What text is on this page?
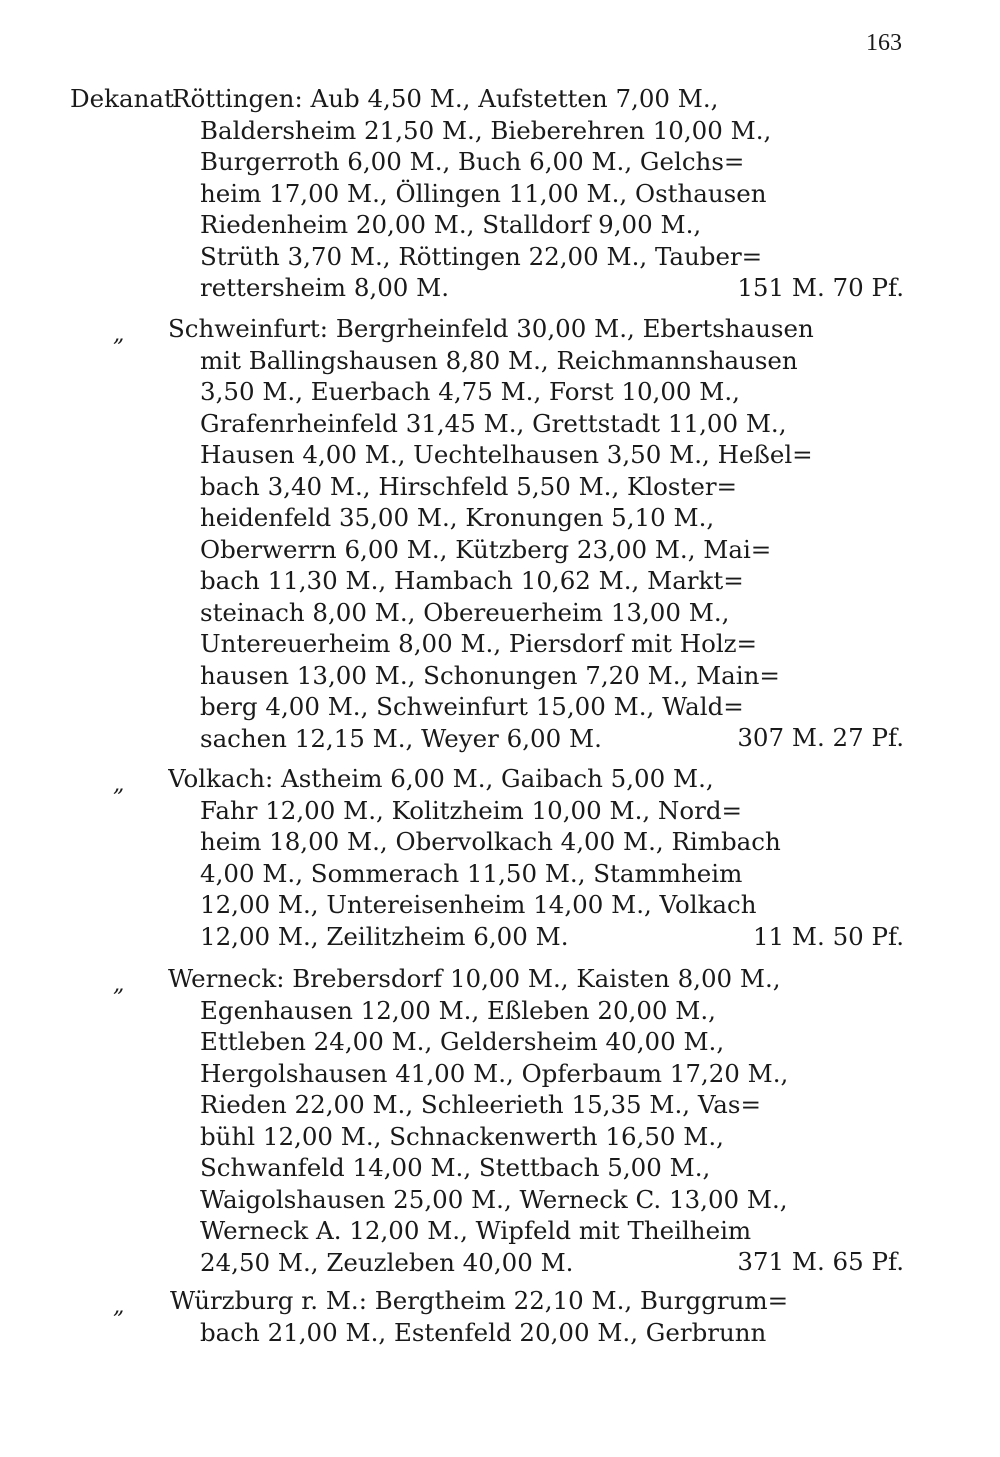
163
Dekanat
Röttingen: Aub 4,50 M., Aufstetten 7,00 M.,
Baldersheim 21,50 M., Bieberehren 10,00 M.,
Burgerroth 6,00 M., Buch 6,00 M., Gelchs=
heim 17,00 M., Öllingen 11,00 M., Osthausen
Riedenheim 20,00 M., Stalldorf 9,00 M.,
Strüth 3,70 M., Röttingen 22,00 M., Tauber=
rettersheim 8,00 M.	151 M. 70 Pf.
„ Schweinfurt: Bergrheinfeld 30,00 M., Ebertshausen
mit Ballingshausen 8,80 M., Reichmannshausen
3,50 M., Euerbach 4,75 M., Forst 10,00 M.,
Grafenrheinfeld 31,45 M., Grettstadt 11,00 M.,
Hausen 4,00 M., Uechtelhausen 3,50 M., Heßel=
bach 3,40 M., Hirschfeld 5,50 M., Kloster=
heidenfeld 35,00 M., Kronungen 5,10 M.,
Oberwerrn 6,00 M., Kützberg 23,00 M., Mai=
bach 11,30 M., Hambach 10,62 M., Markt=
steinach 8,00 M., Obereuerheim 13,00 M.,
Untereuerheim 8,00 M., Piersdorf mit Holz=
hausen 13,00 M., Schonungen 7,20 M., Main=
berg 4,00 M., Schweinfurt 15,00 M., Wald=
sachen 12,15 M., Weyer 6,00 M.	307 M. 27 Pf.
„ Volkach: Astheim 6,00 M., Gaibach 5,00 M.,
Fahr 12,00 M., Kolitzheim 10,00 M., Nord=
heim 18,00 M., Obervolkach 4,00 M., Rimbach
4,00 M., Sommerach 11,50 M., Stammheim
12,00 M., Untereisenheim 14,00 M., Volkach
12,00 M., Zeilitzheim 6,00 M.	11 M. 50 Pf.
„ Werneck: Brebersdorf 10,00 M., Kaisten 8,00 M.,
Egenhausen 12,00 M., Eßleben 20,00 M.,
Ettleben 24,00 M., Geldersheim 40,00 M.,
Hergolshausen 41,00 M., Opferbaum 17,20 M.,
Rieden 22,00 M., Schleerieth 15,35 M., Vas=
bühl 12,00 M., Schnackenwerth 16,50 M.,
Schwanfeld 14,00 M., Stettbach 5,00 M.,
Waigolshausen 25,00 M., Werneck C. 13,00 M.,
Werneck A. 12,00 M., Wipfeld mit Theilheim
24,50 M., Zeuzleben 40,00 M.	371 M. 65 Pf.
„ Würzburg r. M.: Bergtheim 22,10 M., Burggrum=
bach 21,00 M., Estenfeld 20,00 M., Gerbrunn
